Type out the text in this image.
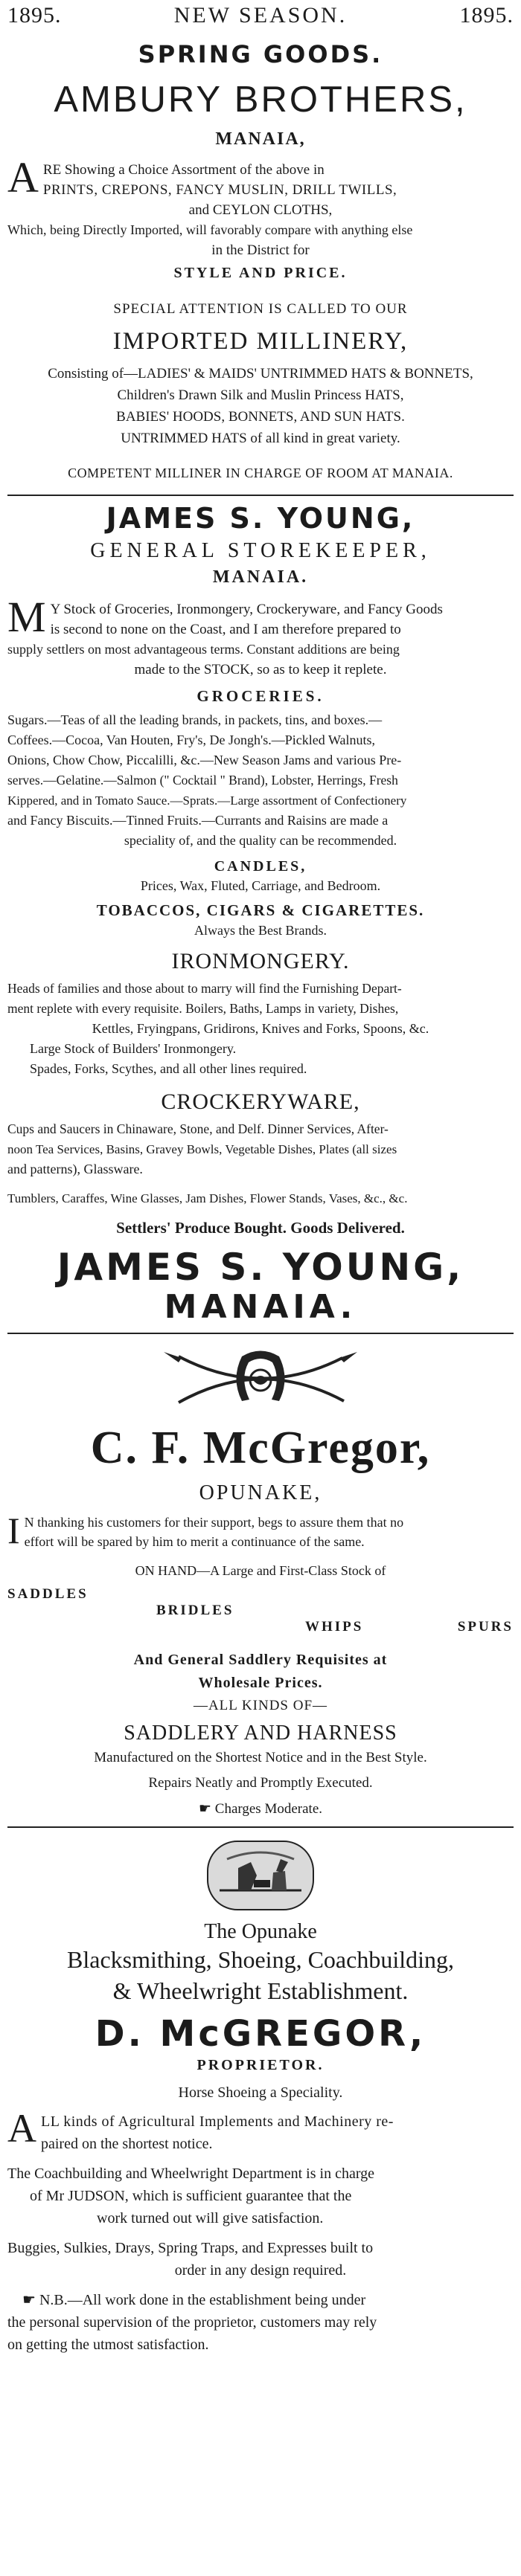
1895.	NEW SEASON.	1895.
SPRING GOODS.
AMBURY BROTHERS,
MANAIA,
A RE Showing a Choice Assortment of the above in
PRINTS, CREPONS, FANCY MUSLIN, DRILL TWILLS,
and CEYLON CLOTHS,
Which, being Directly Imported, will favorably compare with anything else
in the District for
STYLE AND PRICE.
SPECIAL ATTENTION IS CALLED TO OUR
IMPORTED MILLINERY,
Consisting of—LADIES' & MAIDS' UNTRIMMED HATS & BONNETS,
Children's Drawn Silk and Muslin Princess HATS,
BABIES' HOODS, BONNETS, AND SUN HATS.
UNTRIMMED HATS of all kind in great variety.
COMPETENT MILLINER IN CHARGE OF ROOM AT MANAIA.
JAMES S. YOUNG,
GENERAL STOREKEEPER,
MANAIA.
M Y Stock of Groceries, Ironmongery, Crockeryware, and Fancy Goods
is second to none on the Coast, and I am therefore prepared to
supply settlers on most advantageous terms. Constant additions are being
made to the STOCK, so as to keep it replete.
GROCERIES.
Sugars.—Teas of all the leading brands, in packets, tins, and boxes.—
Coffees.—Cocoa, Van Houten, Fry's, De Jongh's.—Pickled Walnuts,
Onions, Chow Chow, Piccalilli, &c.—New Season Jams and various Pre-
serves.—Gelatine.—Salmon (" Cocktail " Brand), Lobster, Herrings, Fresh
Kippered, and in Tomato Sauce.—Sprats.—Large assortment of Confectionery
and Fancy Biscuits.—Tinned Fruits.—Currants and Raisins are made a
speciality of, and the quality can be recommended.
CANDLES,
Prices, Wax, Fluted, Carriage, and Bedroom.
TOBACCOS, CIGARS & CIGARETTES.
Always the Best Brands.
IRONMONGERY.
Heads of families and those about to marry will find the Furnishing Depart-
ment replete with every requisite. Boilers, Baths, Lamps in variety, Dishes,
Kettles, Fryingpans, Gridirons, Knives and Forks, Spoons, &c.
Large Stock of Builders' Ironmongery.
Spades, Forks, Scythes, and all other lines required.
CROCKERYWARE,
Cups and Saucers in Chinaware, Stone, and Delf. Dinner Services, After-
noon Tea Services, Basins, Gravey Bowls, Vegetable Dishes, Plates (all sizes
and patterns), Glassware.
Tumblers, Caraffes, Wine Glasses, Jam Dishes, Flower Stands, Vases, &c., &c.
Settlers' Produce Bought. Goods Delivered.
JAMES S. YOUNG,
MANAIA.
C. F. McGregor,
OPUNAKE,
I N thanking his customers for their support, begs to assure them that no
effort will be spared by him to merit a continuance of the same.
ON HAND—A Large and First-Class Stock of
SADDLES
BRIDLES
WHIPS	SPURS
And General Saddlery Requisites at
Wholesale Prices.
—ALL KINDS OF—
SADDLERY AND HARNESS
Manufactured on the Shortest Notice and in the Best Style.
Repairs Neatly and Promptly Executed.
☚ Charges Moderate.
The Opunake
Blacksmithing, Shoeing, Coachbuilding,
& Wheelwright Establishment.
D. McGREGOR,
PROPRIETOR.
Horse Shoeing a Speciality.
A LL kinds of Agricultural Implements and Machinery re-
paired on the shortest notice.
The Coachbuilding and Wheelwright Department is in charge
of Mr JUDSON, which is sufficient guarantee that the
work turned out will give satisfaction.
Buggies, Sulkies, Drays, Spring Traps, and Expresses built to
order in any design required.
☚ N.B.—All work done in the establishment being under
the personal supervision of the proprietor, customers may rely
on getting the utmost satisfaction.
